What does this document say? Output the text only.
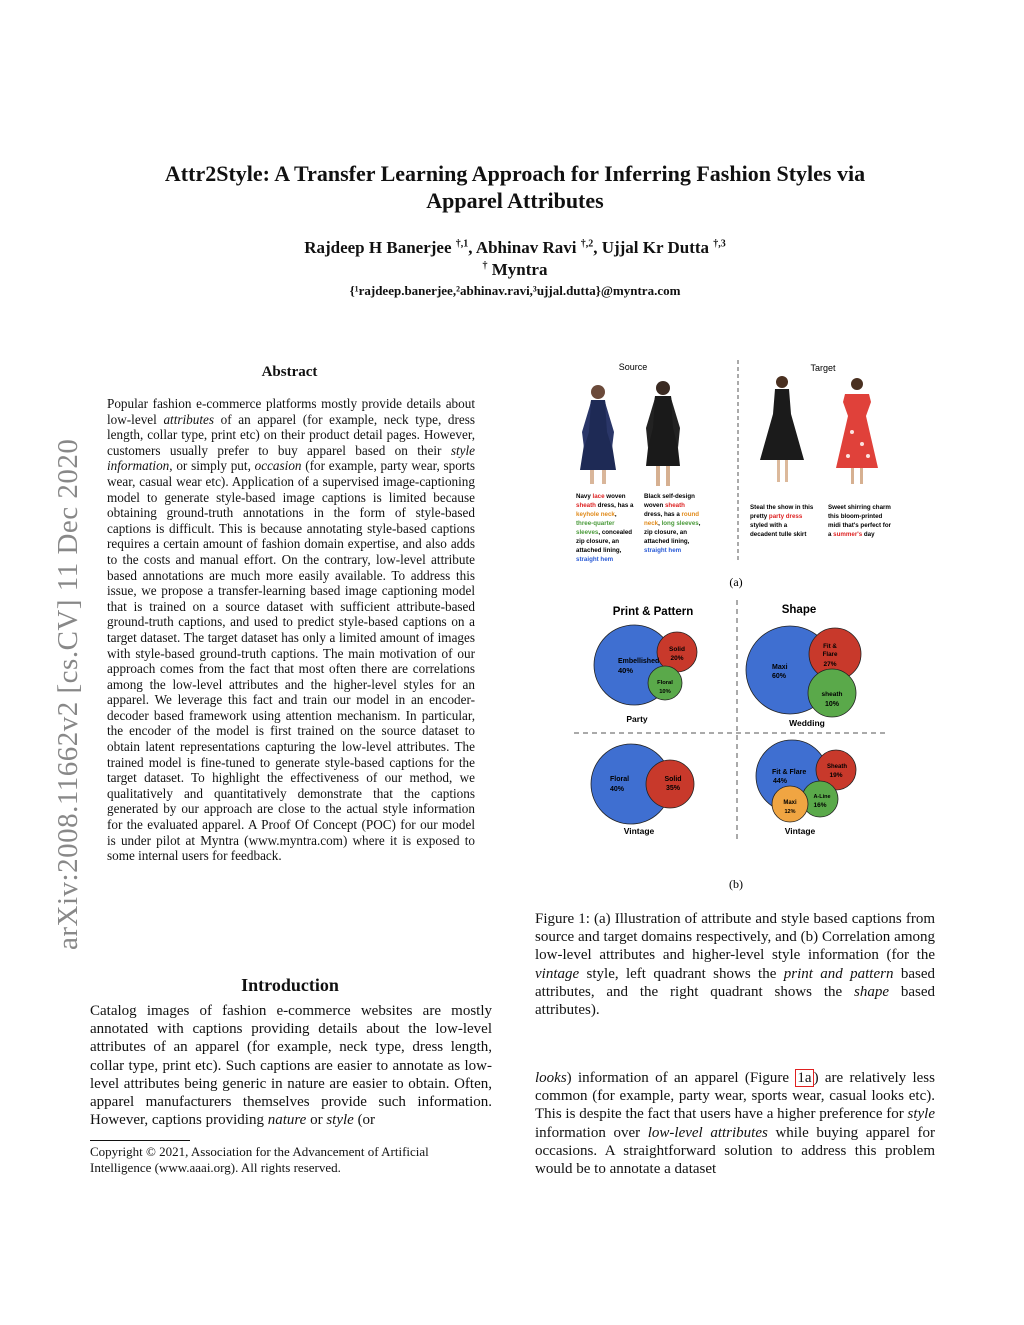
Attr2Style: A Transfer Learning Approach for Inferring Fashion Styles via
Apparel Attributes
Rajdeep H Banerjee $^{\dagger,1}$, Abhinav Ravi $^{\dagger,2}$, Ujjal Kr Dutta $^{\dagger,3}$
† Myntra
{¹rajdeep.banerjee,²abhinav.ravi,³ujjal.dutta}@myntra.com
arXiv:2008.11662v2 [cs.CV] 11 Dec 2020
Abstract
Popular fashion e-commerce platforms mostly provide details about low-level attributes of an apparel (for example, neck type, dress length, collar type, print etc) on their product detail pages. However, customers usually prefer to buy apparel based on their style information, or simply put, occasion (for example, party wear, sports wear, casual wear etc). Application of a supervised image-captioning model to generate style-based image captions is limited because obtaining ground-truth annotations in the form of style-based captions is difficult. This is because annotating style-based captions requires a certain amount of fashion domain expertise, and also adds to the costs and manual effort. On the contrary, low-level attribute based annotations are much more easily available. To address this issue, we propose a transfer-learning based image captioning model that is trained on a source dataset with sufficient attribute-based ground-truth captions, and used to predict style-based captions on a target dataset. The target dataset has only a limited amount of images with style-based ground-truth captions. The main motivation of our approach comes from the fact that most often there are correlations among the low-level attributes and the higher-level styles for an apparel. We leverage this fact and train our model in an encoder-decoder based framework using attention mechanism. In particular, the encoder of the model is first trained on the source dataset to obtain latent representations capturing the low-level attributes. The trained model is fine-tuned to generate style-based captions for the target dataset. To highlight the effectiveness of our method, we qualitatively and quantitatively demonstrate that the captions generated by our approach are close to the actual style information for the evaluated apparel. A Proof Of Concept (POC) for our model is under pilot at Myntra (www.myntra.com) where it is exposed to some internal users for feedback.
Introduction
Catalog images of fashion e-commerce websites are mostly annotated with captions providing details about the low-level attributes of an apparel (for example, neck type, dress length, collar type, print etc). Such captions are easier to annotate as low-level attributes being generic in nature are easier to obtain. Often, apparel manufacturers themselves provide such information. However, captions providing nature or style (or
Copyright © 2021, Association for the Advancement of Artificial Intelligence (www.aaai.org). All rights reserved.
Source	Target
Navy lace woven
sheath dress, has a
keyhole neck,
three-quarter
sleeves, concealed
zip closure, an
attached lining,
straight hem
Black self-design
woven sheath
dress, has a round
neck, long sleeves,
zip closure, an
attached lining,
straight hem
Steal the show in this
pretty party dress
styled with a
decadent tulle skirt
Sweet shirring charm
this bloom-printed
midi that's perfect for
a summer's day
(a)
Print & Pattern	Shape
Embellished
40%
Solid
20%
Floral
10%
Party
Maxi
60%
Fit &
Flare
27%
sheath
10%
Wedding
Floral
40%
Solid
35%
Vintage
Fit & Flare
44%
Sheath
19%
A-Line
16%
Maxi
12%
Vintage
(b)
Figure 1: (a) Illustration of attribute and style based captions from source and target domains respectively, and (b) Correlation among low-level attributes and higher-level style information (for the vintage style, left quadrant shows the print and pattern based attributes, and the right quadrant shows the shape based attributes).
looks) information of an apparel (Figure 1a ) are relatively less common (for example, party wear, sports wear, casual looks etc). This is despite the fact that users have a higher preference for style information over low-level attributes while buying apparel for occasions. A straightforward solution to address this problem would be to annotate a dataset
